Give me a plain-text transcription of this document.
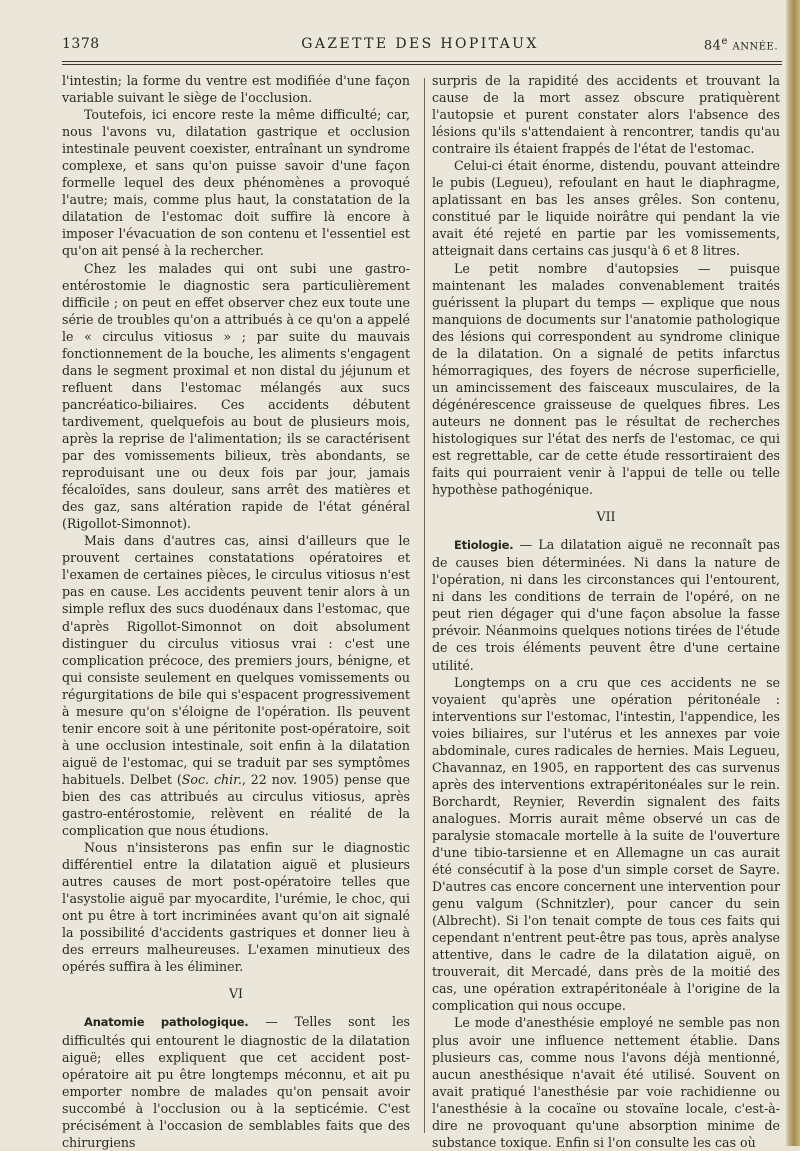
1378	GAZETTE DES HOPITAUX	84e ANNÉE.

l'intestin; la forme du ventre est modifiée d'une façon variable suivant le siège de l'occlusion.

Toutefois, ici encore reste la même difficulté; car, nous l'avons vu, dilatation gastrique et occlusion intestinale peuvent coexister, entraînant un syndrome complexe, et sans qu'on puisse savoir d'une façon formelle lequel des deux phénomènes a provoqué l'autre; mais, comme plus haut, la constatation de la dilatation de l'estomac doit suffire là encore à imposer l'évacuation de son contenu et l'essentiel est qu'on ait pensé à la rechercher.

Chez les malades qui ont subi une gastro-entérostomie le diagnostic sera particulièrement difficile ; on peut en effet observer chez eux toute une série de troubles qu'on a attribués à ce qu'on a appelé le « circulus vitiosus » ; par suite du mauvais fonctionnement de la bouche, les aliments s'engagent dans le segment proximal et non distal du jéjunum et refluent dans l'estomac mélangés aux sucs pancréatico-biliaires. Ces accidents débutent tardivement, quelquefois au bout de plusieurs mois, après la reprise de l'alimentation; ils se caractérisent par des vomissements bilieux, très abondants, se reproduisant une ou deux fois par jour, jamais fécaloïdes, sans douleur, sans arrêt des matières et des gaz, sans altération rapide de l'état général (Rigollot-Simonnot).

Mais dans d'autres cas, ainsi d'ailleurs que le prouvent certaines constatations opératoires et l'examen de certaines pièces, le circulus vitiosus n'est pas en cause. Les accidents peuvent tenir alors à un simple reflux des sucs duodénaux dans l'estomac, que d'après Rigollot-Simonnot on doit absolument distinguer du circulus vitiosus vrai : c'est une complication précoce, des premiers jours, bénigne, et qui consiste seulement en quelques vomissements ou régurgitations de bile qui s'espacent progressivement à mesure qu'on s'éloigne de l'opération. Ils peuvent tenir encore soit à une péritonite post-opératoire, soit à une occlusion intestinale, soit enfin à la dilatation aiguë de l'estomac, qui se traduit par ses symptômes habituels. Delbet (Soc. chir., 22 nov. 1905) pense que bien des cas attribués au circulus vitiosus, après gastro-entérostomie, relèvent en réalité de la complication que nous étudions.

Nous n'insisterons pas enfin sur le diagnostic différentiel entre la dilatation aiguë et plusieurs autres causes de mort post-opératoire telles que l'asystolie aiguë par myocardite, l'urémie, le choc, qui ont pu être à tort incriminées avant qu'on ait signalé la possibilité d'accidents gastriques et donner lieu à des erreurs malheureuses. L'examen minutieux des opérés suffira à les éliminer.

VI

Anatomie pathologique. — Telles sont les difficultés qui entourent le diagnostic de la dilatation aiguë; elles expliquent que cet accident post-opératoire ait pu être longtemps méconnu, et ait pu emporter nombre de malades qu'on pensait avoir succombé à l'occlusion ou à la septicémie. C'est précisément à l'occasion de semblables faits que des chirurgiens

surpris de la rapidité des accidents et trouvant la cause de la mort assez obscure pratiquèrent l'autopsie et purent constater alors l'absence des lésions qu'ils s'attendaient à rencontrer, tandis qu'au contraire ils étaient frappés de l'état de l'estomac.

Celui-ci était énorme, distendu, pouvant atteindre le pubis (Legueu), refoulant en haut le diaphragme, aplatissant en bas les anses grêles. Son contenu, constitué par le liquide noirâtre qui pendant la vie avait été rejeté en partie par les vomissements, atteignait dans certains cas jusqu'à 6 et 8 litres.

Le petit nombre d'autopsies — puisque maintenant les malades convenablement traités guérissent la plupart du temps — explique que nous manquions de documents sur l'anatomie pathologique des lésions qui correspondent au syndrome clinique de la dilatation. On a signalé de petits infarctus hémorragiques, des foyers de nécrose superficielle, un amincissement des faisceaux musculaires, de la dégénérescence graisseuse de quelques fibres. Les auteurs ne donnent pas le résultat de recherches histologiques sur l'état des nerfs de l'estomac, ce qui est regrettable, car de cette étude ressortiraient des faits qui pourraient venir à l'appui de telle ou telle hypothèse pathogénique.

VII

Etiologie. — La dilatation aiguë ne reconnaît pas de causes bien déterminées. Ni dans la nature de l'opération, ni dans les circonstances qui l'entourent, ni dans les conditions de terrain de l'opéré, on ne peut rien dégager qui d'une façon absolue la fasse prévoir. Néanmoins quelques notions tirées de l'étude de ces trois éléments peuvent être d'une certaine utilité.

Longtemps on a cru que ces accidents ne se voyaient qu'après une opération péritonéale : interventions sur l'estomac, l'intestin, l'appendice, les voies biliaires, sur l'utérus et les annexes par voie abdominale, cures radicales de hernies. Mais Legueu, Chavannaz, en 1905, en rapportent des cas survenus après des interventions extrapéritonéales sur le rein. Borchardt, Reynier, Reverdin signalent des faits analogues. Morris aurait même observé un cas de paralysie stomacale mortelle à la suite de l'ouverture d'une tibio-tarsienne et en Allemagne un cas aurait été consécutif à la pose d'un simple corset de Sayre. D'autres cas encore concernent une intervention pour genu valgum (Schnitzler), pour cancer du sein (Albrecht). Si l'on tenait compte de tous ces faits qui cependant n'entrent peut-être pas tous, après analyse attentive, dans le cadre de la dilatation aiguë, on trouverait, dit Mercadé, dans près de la moitié des cas, une opération extrapéritonéale à l'origine de la complication qui nous occupe.

Le mode d'anesthésie employé ne semble pas non plus avoir une influence nettement établie. Dans plusieurs cas, comme nous l'avons déjà mentionné, aucun anesthésique n'avait été utilisé. Souvent on avait pratiqué l'anesthésie par voie rachidienne ou l'anesthésie à la cocaïne ou stovaïne locale, c'est-à-dire ne provoquant qu'une absorption minime de substance toxique. Enfin si l'on consulte les cas où
